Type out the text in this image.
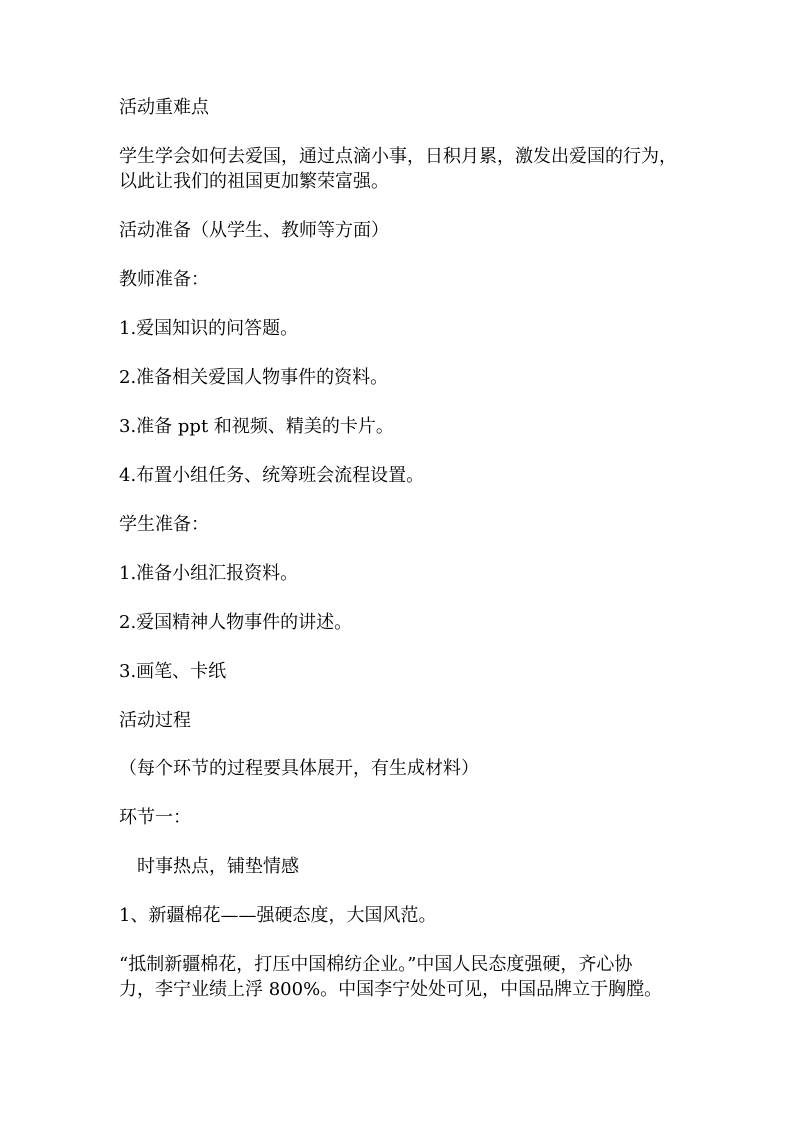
活动重难点
学生学会如何去爱国，通过点滴小事，日积月累，激发出爱国的行为，
以此让我们的祖国更加繁荣富强。
活动准备（从学生、教师等方面）
教师准备：
1.爱国知识的问答题。
2.准备相关爱国人物事件的资料。
3.准备 ppt 和视频、精美的卡片。
4.布置小组任务、统筹班会流程设置。
学生准备：
1.准备小组汇报资料。
2.爱国精神人物事件的讲述。
3.画笔、卡纸
活动过程
（每个环节的过程要具体展开，有生成材料）
环节一：
时事热点，铺垫情感
1、新疆棉花——强硬态度，大国风范。
“抵制新疆棉花，打压中国棉纺企业。”中国人民态度强硬，齐心协
力，李宁业绩上浮 800%。中国李宁处处可见，中国品牌立于胸膛。
